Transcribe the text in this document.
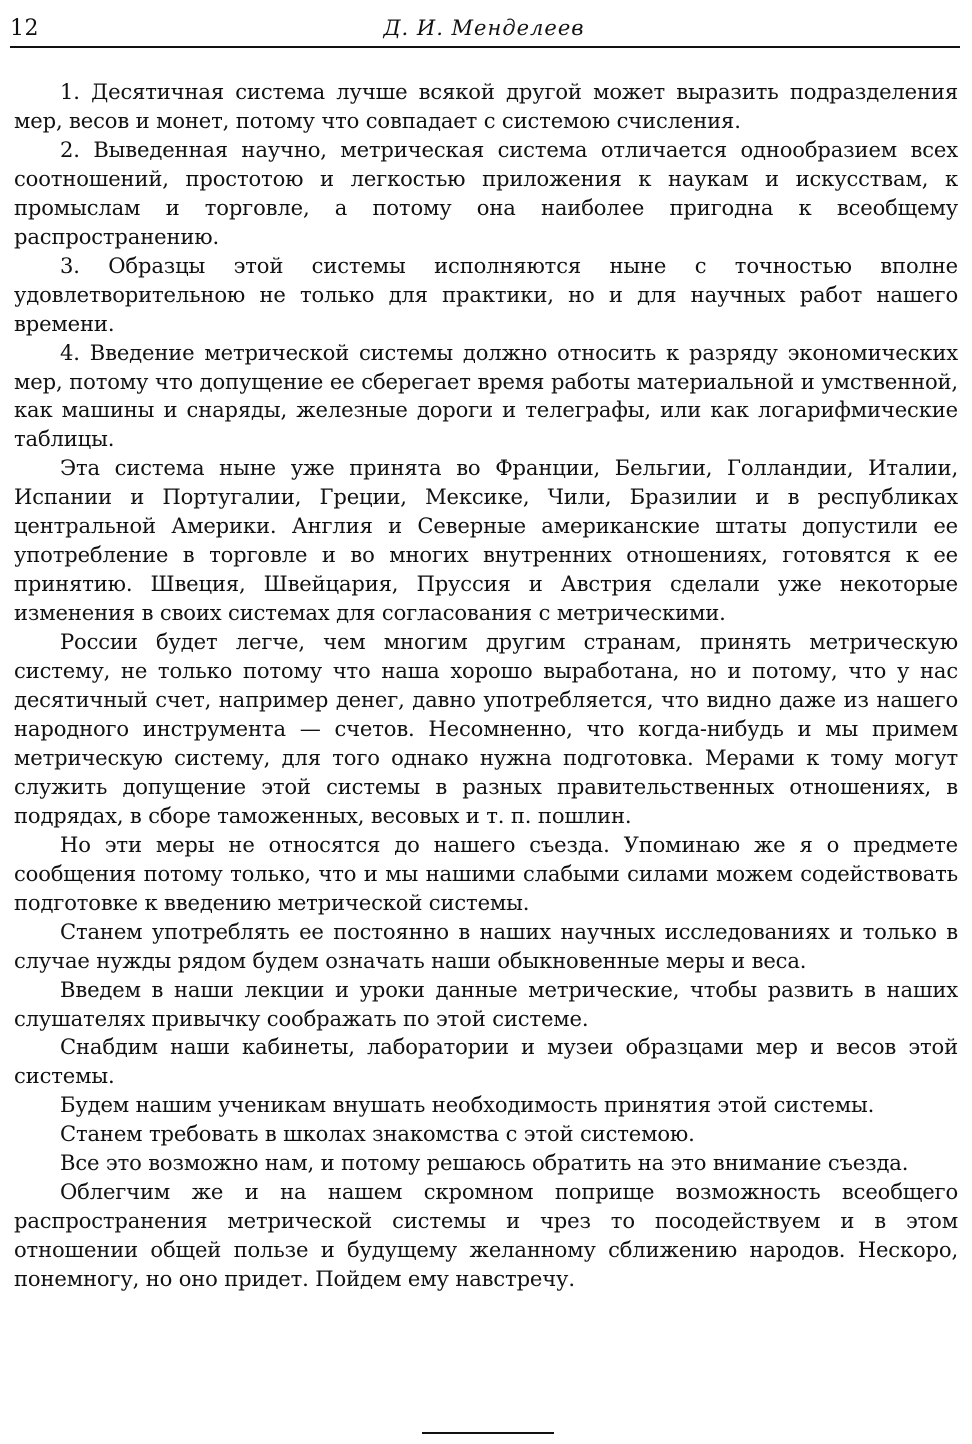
12	Д. И. Менделеев

1. Десятичная система лучше всякой другой может выразить подразделения мер, весов и монет, потому что совпадает с системою счисления.

2. Выведенная научно, метрическая система отличается однообразием всех соотношений, простотою и легкостью приложения к наукам и искусствам, к промыслам и торговле, а потому она наиболее пригодна к всеобщему распространению.

3. Образцы этой системы исполняются ныне с точностью вполне удовлетворительною не только для практики, но и для научных работ нашего времени.

4. Введение метрической системы должно относить к разряду экономических мер, потому что допущение ее сберегает время работы материальной и умственной, как машины и снаряды, железные дороги и телеграфы, или как логарифмические таблицы.

Эта система ныне уже принята во Франции, Бельгии, Голландии, Италии, Испании и Португалии, Греции, Мексике, Чили, Бразилии и в республиках центральной Америки. Англия и Северные американские штаты допустили ее употребление в торговле и во многих внутренних отношениях, готовятся к ее принятию. Швеция, Швейцария, Пруссия и Австрия сделали уже некоторые изменения в своих системах для согласования с метрическими.

России будет легче, чем многим другим странам, принять метрическую систему, не только потому что наша хорошо выработана, но и потому, что у нас десятичный счет, например денег, давно употребляется, что видно даже из нашего народного инструмента — счетов. Несомненно, что когда-нибудь и мы примем метрическую систему, для того однако нужна подготовка. Мерами к тому могут служить допущение этой системы в разных правительственных отношениях, в подрядах, в сборе таможенных, весовых и т. п. пошлин.

Но эти меры не относятся до нашего съезда. Упоминаю же я о предмете сообщения потому только, что и мы нашими слабыми силами можем содействовать подготовке к введению метрической системы.

Станем употреблять ее постоянно в наших научных исследованиях и только в случае нужды рядом будем означать наши обыкновенные меры и веса.

Введем в наши лекции и уроки данные метрические, чтобы развить в наших слушателях привычку соображать по этой системе.

Снабдим наши кабинеты, лаборатории и музеи образцами мер и весов этой системы.

Будем нашим ученикам внушать необходимость принятия этой системы.

Станем требовать в школах знакомства с этой системою.

Все это возможно нам, и потому решаюсь обратить на это внимание съезда.

Облегчим же и на нашем скромном поприще возможность всеобщего распространения метрической системы и чрез то посодействуем и в этом отношении общей пользе и будущему желанному сближению народов. Нескоро, понемногу, но оно придет. Пойдем ему навстречу.
